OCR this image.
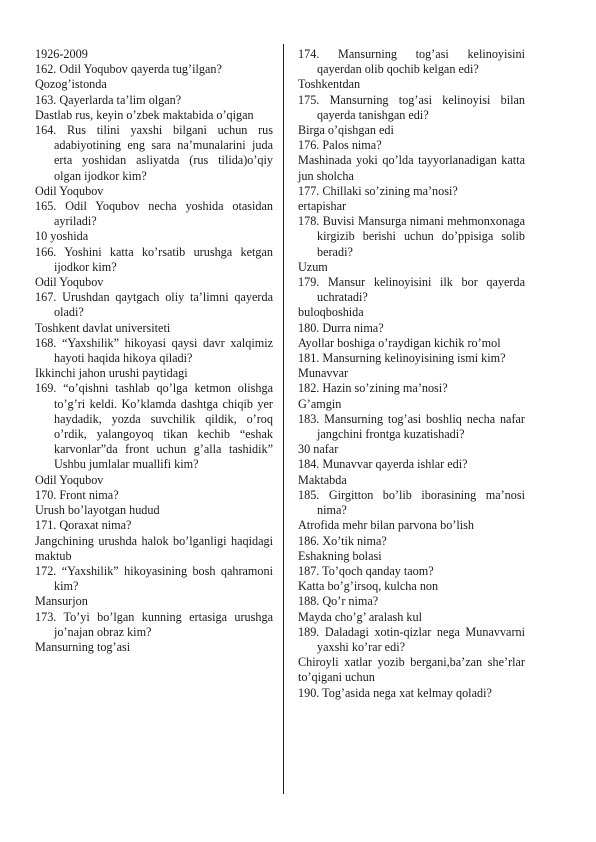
1926-2009

162. Odil Yoqubov qayerda tug’ilgan?

Qozog’istonda

163. Qayerlarda ta’lim olgan?

Dastlab rus, keyin o’zbek maktabida o’qigan

164. Rus tilini yaxshi bilgani uchun rus adabiyotining eng sara na’munalarini juda erta yoshidan asliyatda (rus tilida)o’qiy olgan ijodkor kim?

Odil Yoqubov

165. Odil Yoqubov necha yoshida otasidan ayriladi?

10 yoshida

166. Yoshini katta ko’rsatib urushga ketgan ijodkor kim?

Odil Yoqubov

167. Urushdan qaytgach oliy ta’limni qayerda oladi?

Toshkent davlat universiteti

168. “Yaxshilik” hikoyasi qaysi davr xalqimiz hayoti haqida hikoya qiladi?

Ikkinchi jahon urushi paytidagi

169. “o’qishni tashlab qo’lga ketmon olishga to’g’ri keldi. Ko’klamda dashtga chiqib yer haydadik, yozda suvchilik qildik, o’roq o’rdik, yalangoyoq tikan kechib “eshak karvonlar”da front uchun g’alla tashidik” Ushbu jumlalar muallifi kim?

Odil Yoqubov

170. Front nima?

Urush bo’layotgan hudud

171. Qoraxat nima?

Jangchining urushda halok bo’lganligi haqidagi maktub

172. “Yaxshilik” hikoyasining bosh qahramoni kim?

Mansurjon

173. To’yi bo’lgan kunning ertasiga urushga jo’najan obraz kim?

Mansurning tog’asi

174. Mansurning tog’asi kelinoyisini qayerdan olib qochib kelgan edi?

Toshkentdan

175. Mansurning tog’asi kelinoyisi bilan qayerda tanishgan edi?

Birga o’qishgan edi

176. Palos nima?

Mashinada yoki qo’lda tayyorlanadigan katta jun sholcha

177. Chillaki so’zining ma’nosi?

ertapishar

178. Buvisi Mansurga nimani mehmonxonaga kirgizib berishi uchun do’ppisiga solib beradi?

Uzum

179. Mansur kelinoyisini ilk bor qayerda uchratadi?

buloqboshida

180. Durra nima?

Ayollar boshiga o’raydigan kichik ro’mol

181. Mansurning kelinoyisining ismi kim?

Munavvar

182. Hazin so’zining ma’nosi?

G’amgin

183. Mansurning tog’asi boshliq necha nafar jangchini frontga kuzatishadi?

30 nafar

184. Munavvar qayerda ishlar edi?

Maktabda

185. Girgitton bo’lib iborasining ma’nosi nima?

Atrofida mehr bilan parvona bo’lish

186. Xo’tik nima?

Eshakning bolasi

187. To’qoch qanday taom?

Katta bo’g’irsoq, kulcha non

188. Qo’r nima?

Mayda cho’g’ aralash kul

189. Daladagi xotin-qizlar nega Munavvarni yaxshi ko’rar edi?

Chiroyli xatlar yozib bergani,ba’zan she’rlar to’qigani uchun

190. Tog’asida nega xat kelmay qoladi?
